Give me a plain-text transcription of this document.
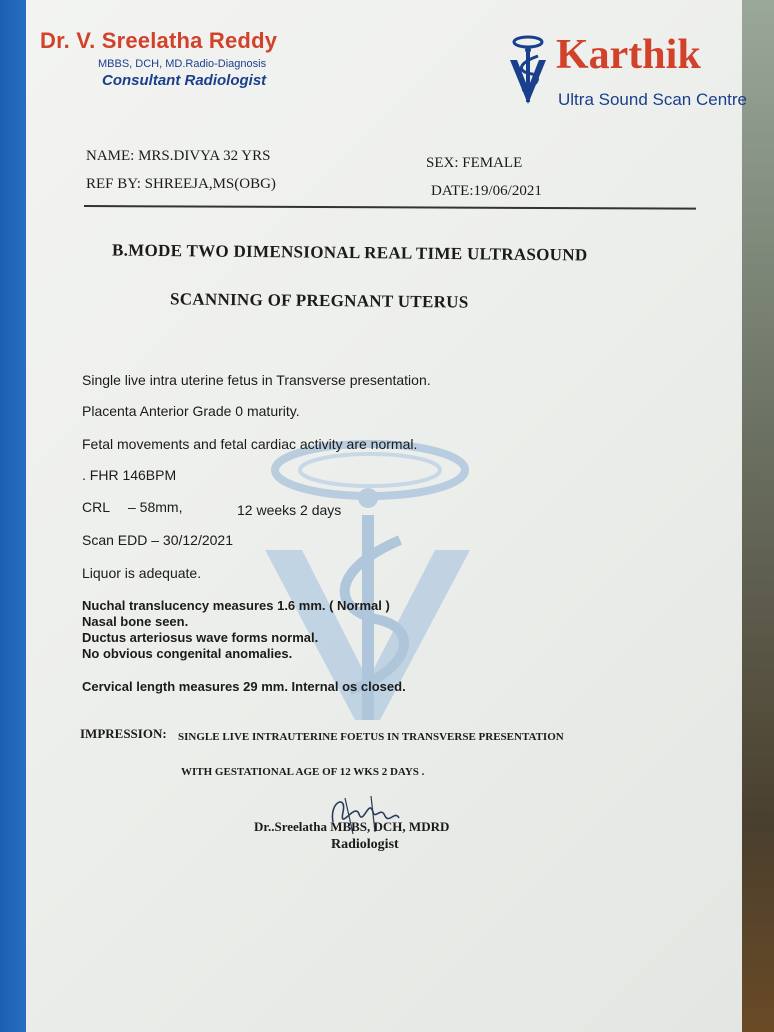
Dr. V. Sreelatha Reddy
MBBS, DCH, MD.Radio-Diagnosis
Consultant Radiologist
Karthik
Ultra Sound Scan Centre
NAME: MRS.DIVYA 32 YRS	SEX: FEMALE
REF BY: SHREEJA,MS(OBG)	DATE:19/06/2021
B.MODE TWO DIMENSIONAL REAL TIME ULTRASOUND
SCANNING OF PREGNANT UTERUS
Single live intra uterine fetus in Transverse presentation.
Placenta Anterior Grade 0 maturity.
Fetal movements and fetal cardiac activity are normal.
. FHR 146BPM
CRL – 58mm,	12 weeks 2 days
Scan EDD – 30/12/2021
Liquor is adequate.
Nuchal translucency measures 1.6 mm. ( Normal )
Nasal bone seen.
Ductus arteriosus wave forms normal.
No obvious congenital anomalies.
Cervical length measures 29 mm. Internal os closed.
IMPRESSION: SINGLE LIVE INTRAUTERINE FOETUS IN TRANSVERSE PRESENTATION
WITH GESTATIONAL AGE OF 12 WKS 2 DAYS .
Dr..Sreelatha MBBS, DCH, MDRD
Radiologist
